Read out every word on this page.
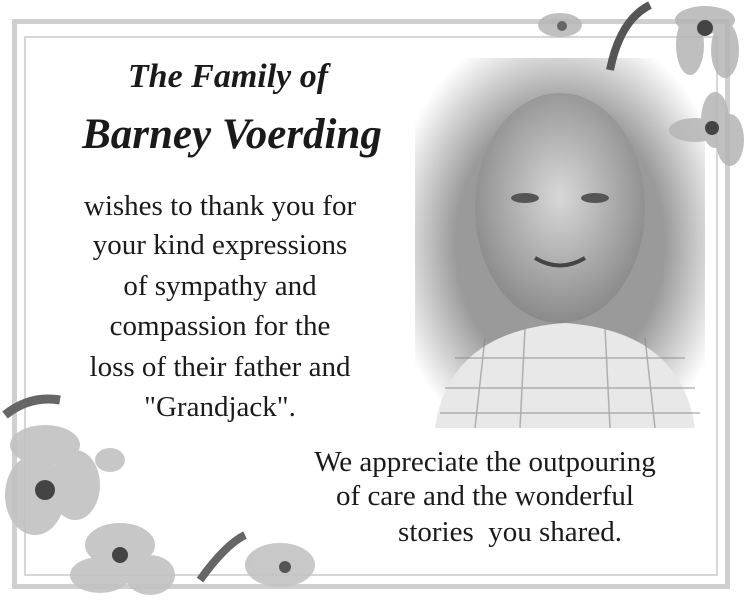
The Family of
Barney Voerding
wishes to thank you for
your kind expressions
of sympathy and
compassion for the
loss of their father and
"Grandjack".
We appreciate the outpouring
of care and the wonderful
stories  you shared.
